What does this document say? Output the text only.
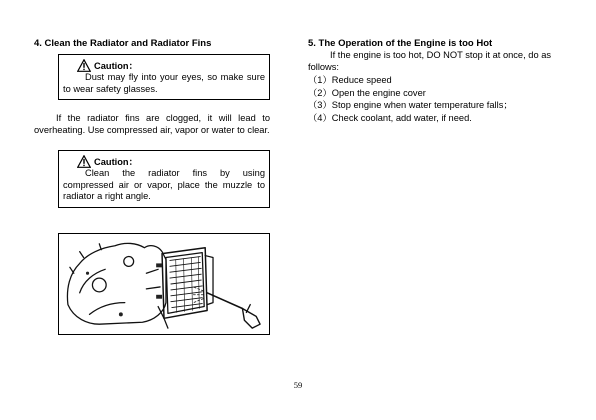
4. Clean the Radiator and Radiator Fins

Caution：

Dust may fly into your eyes, so make sure to wear safety glasses.

If the radiator fins are clogged, it will lead to overheating. Use compressed air, vapor or water to clear.

Caution：

Clean the radiator fins by using compressed air or vapor, place the muzzle to radiator a right angle.

5. The Operation of the Engine is too Hot

If the engine is too hot, DO NOT stop it at once, do as follows:

（1）Reduce speed

（2）Open the engine cover

（3）Stop engine when water temperature falls；

（4）Check coolant, add water, if need.

59
